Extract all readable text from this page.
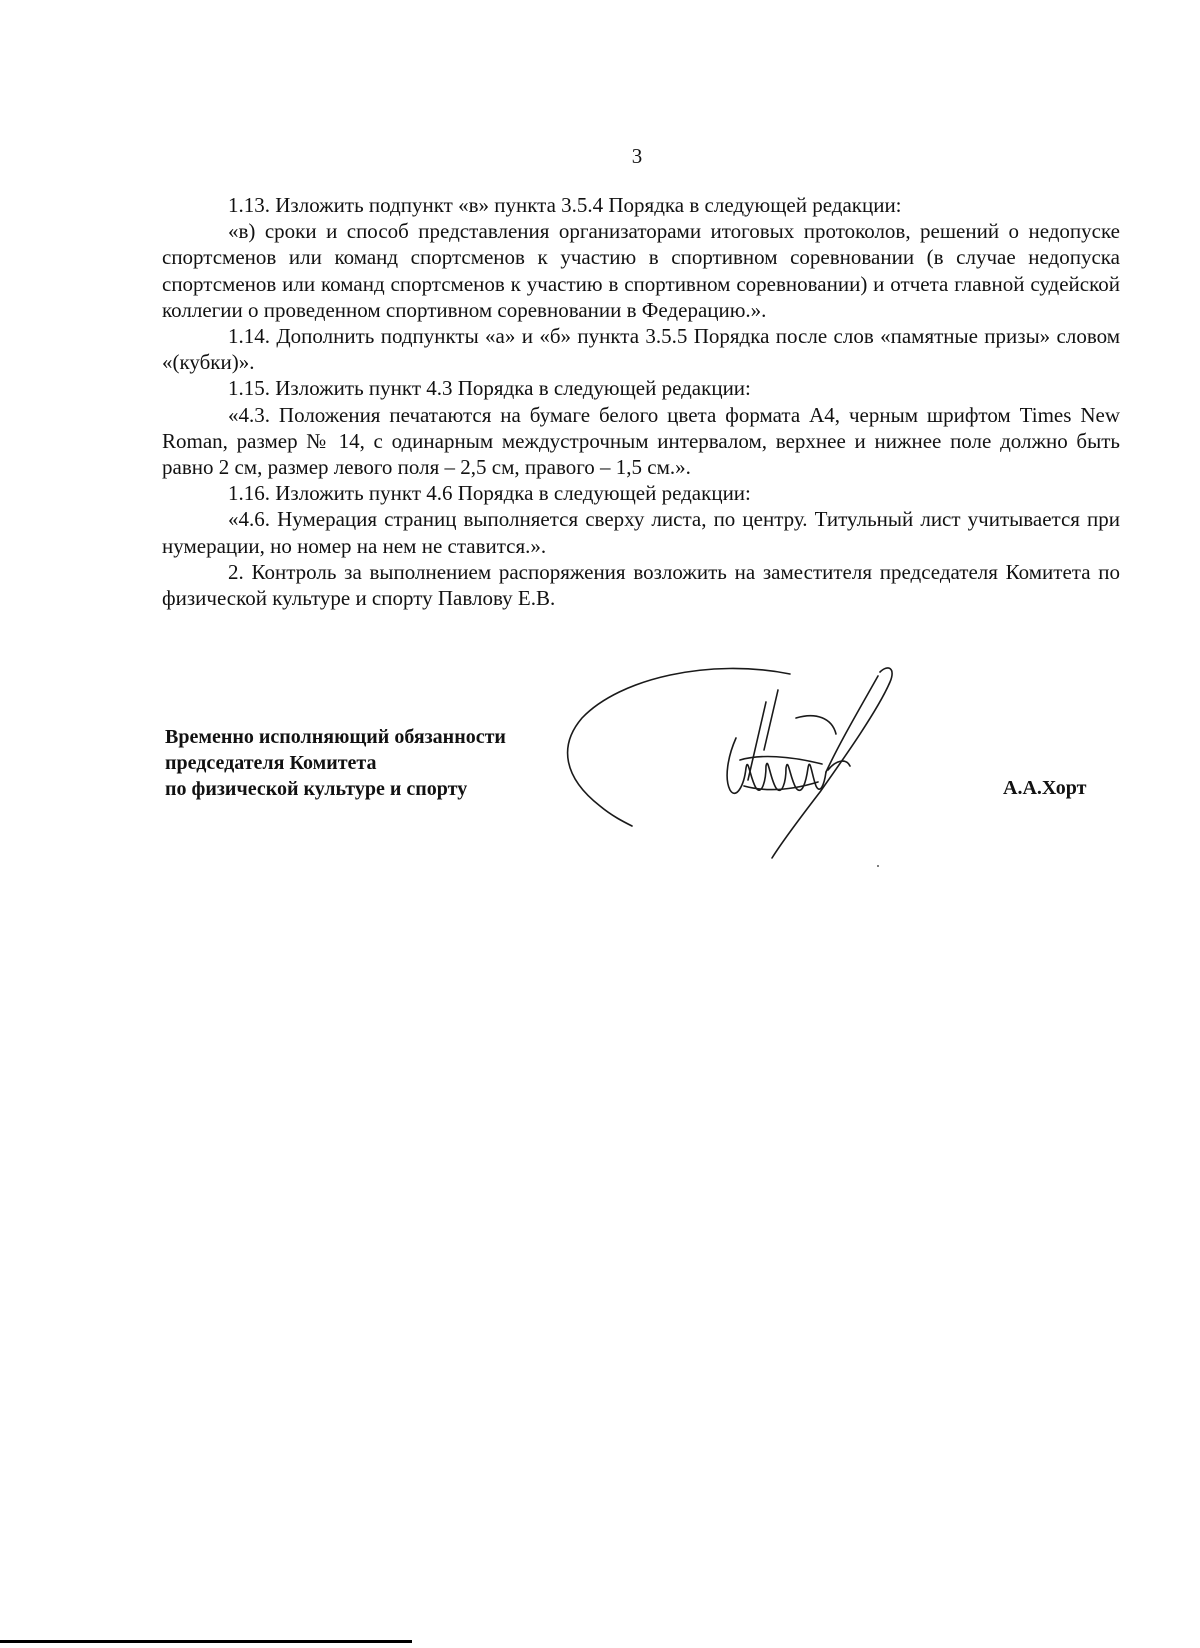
3

1.13. Изложить подпункт «в» пункта 3.5.4 Порядка в следующей редакции:

«в) сроки и способ представления организаторами итоговых протоколов, решений о недопуске спортсменов или команд спортсменов к участию в спортивном соревновании (в случае недопуска спортсменов или команд спортсменов к участию в спортивном соревновании) и отчета главной судейской коллегии о проведенном спортивном соревновании в Федерацию.».

1.14. Дополнить подпункты «а» и «б» пункта 3.5.5 Порядка после слов «памятные призы» словом «(кубки)».

1.15. Изложить пункт 4.3 Порядка в следующей редакции:

«4.3. Положения печатаются на бумаге белого цвета формата А4, черным шрифтом Times New Roman, размер № 14, с одинарным междустрочным интервалом, верхнее и нижнее поле должно быть равно 2 см, размер левого поля – 2,5 см, правого – 1,5 см.».

1.16. Изложить пункт 4.6 Порядка в следующей редакции:

«4.6. Нумерация страниц выполняется сверху листа, по центру. Титульный лист учитывается при нумерации, но номер на нем не ставится.».

2. Контроль за выполнением распоряжения возложить на заместителя председателя Комитета по физической культуре и спорту Павлову Е.В.

Временно исполняющий обязанности
председателя Комитета
по физической культуре и спорту	А.А.Хорт
